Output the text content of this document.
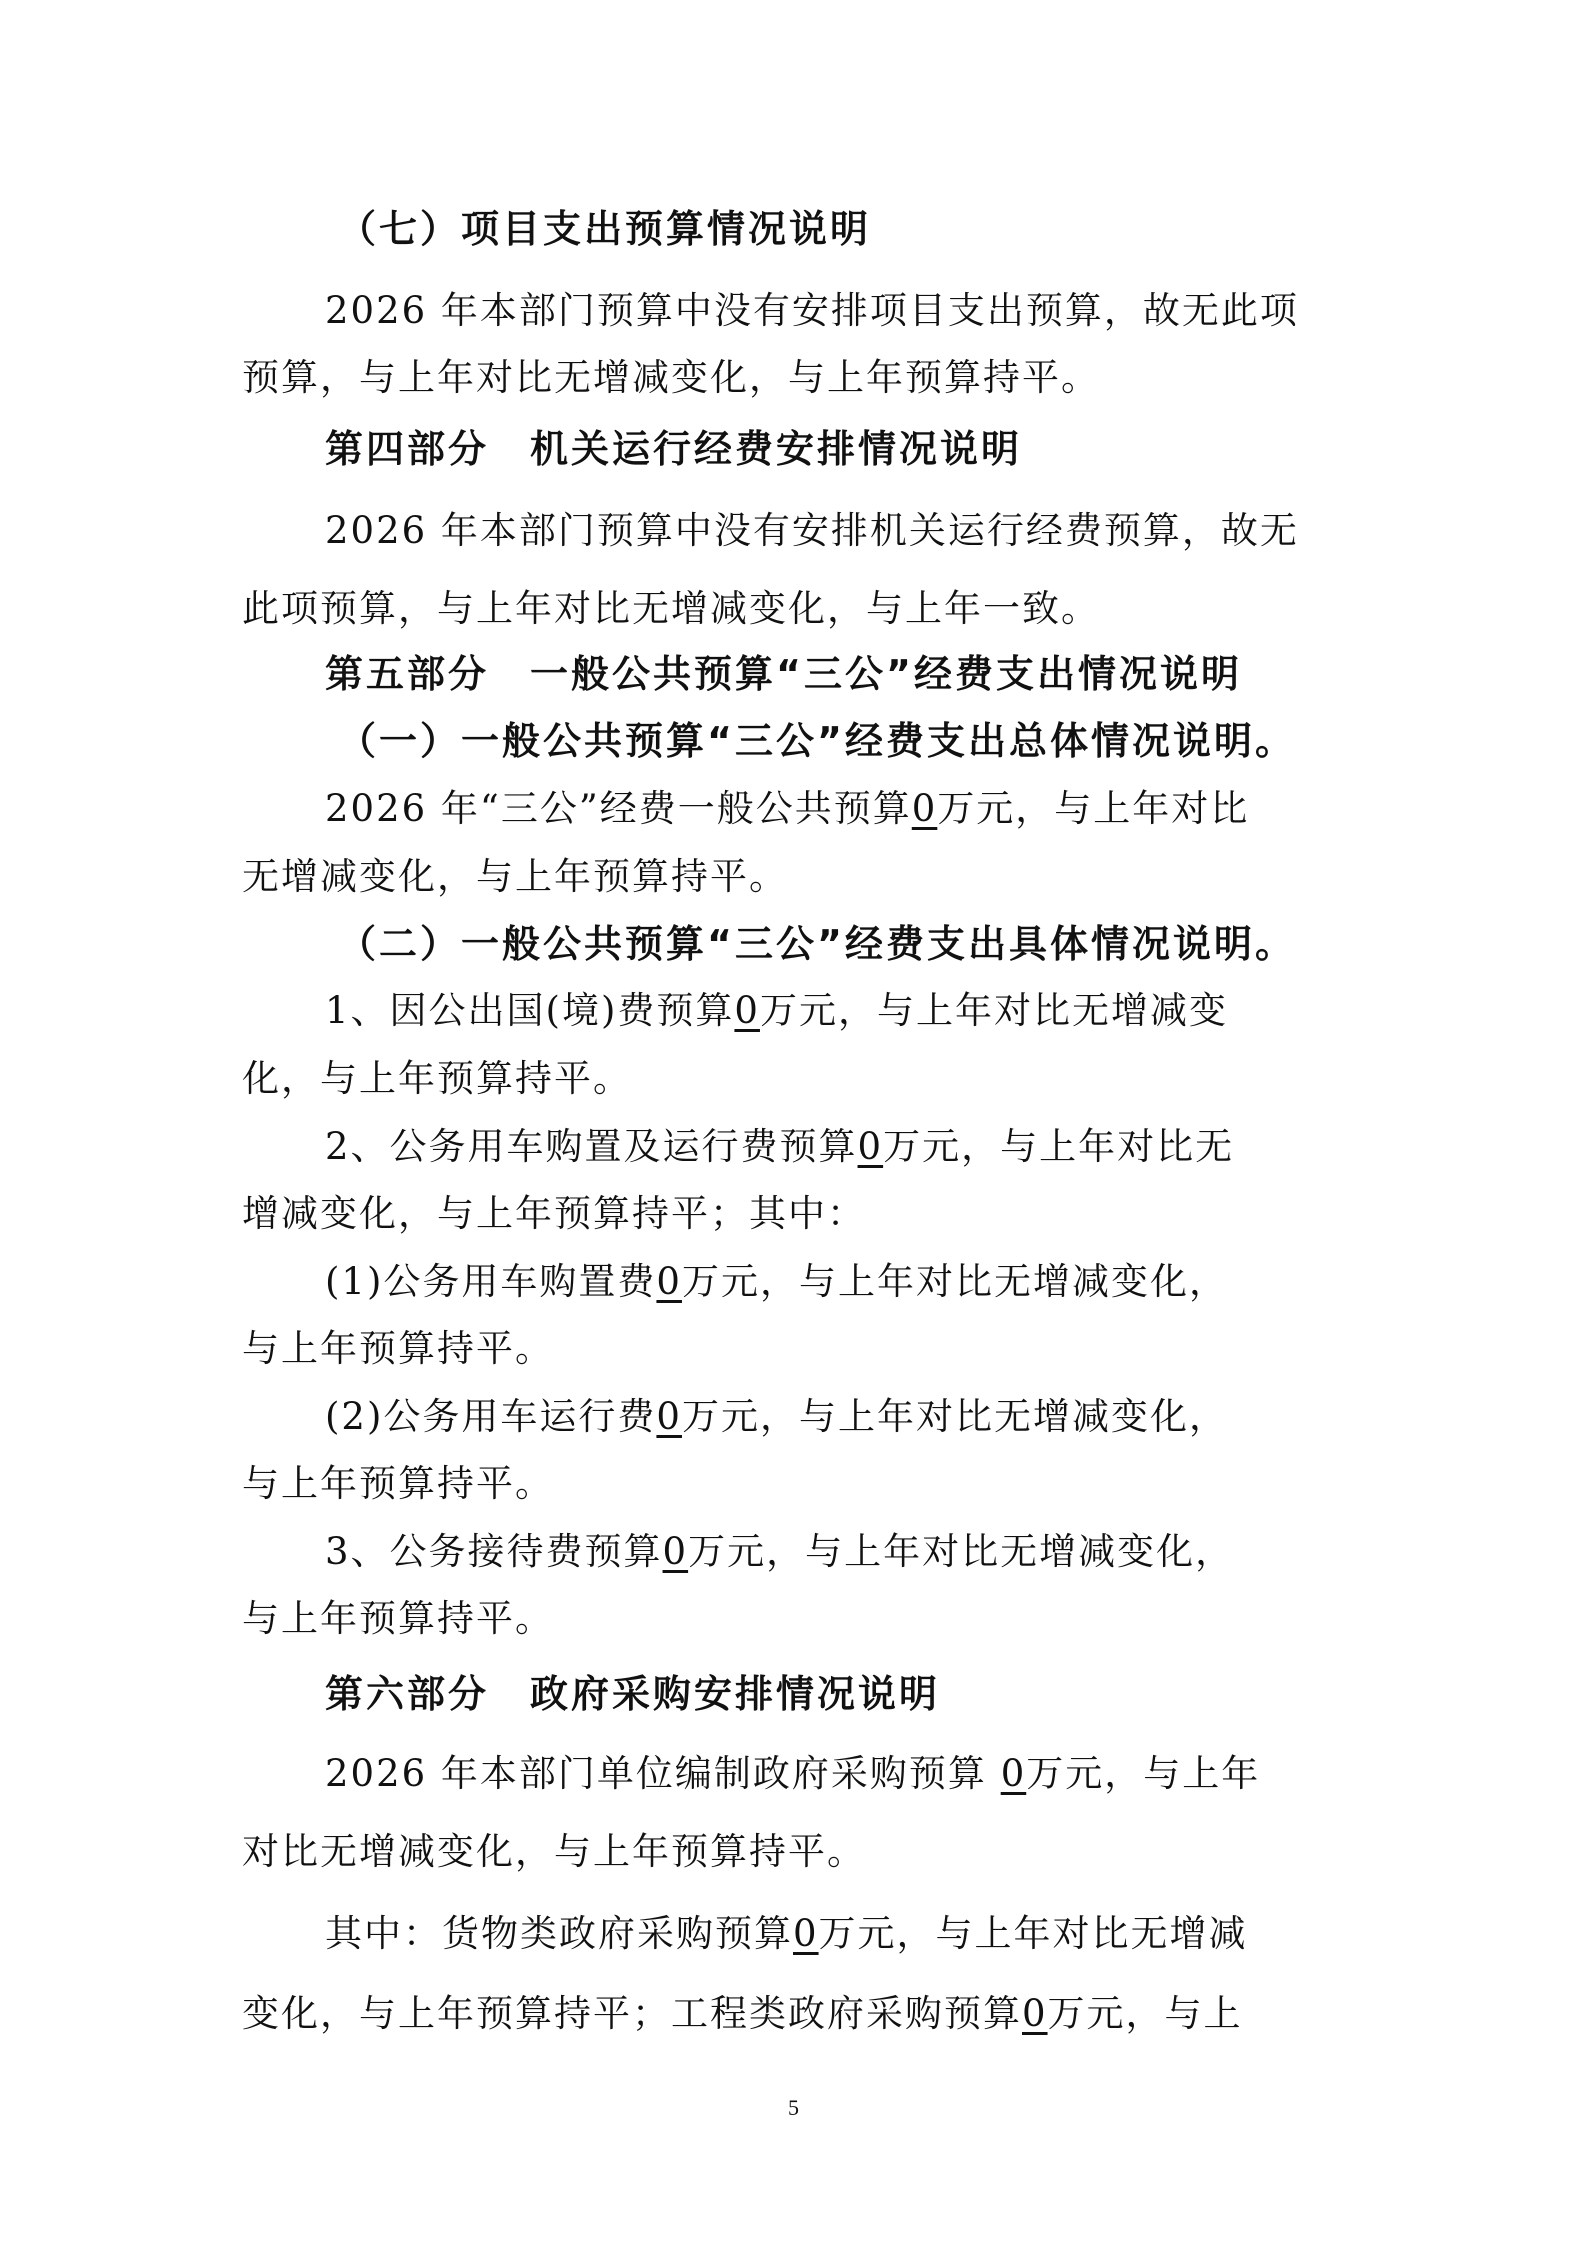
（七）项目支出预算情况说明
2026 年本部门预算中没有安排项目支出预算，故无此项
预算，与上年对比无增减变化，与上年预算持平。
第四部分　机关运行经费安排情况说明
2026 年本部门预算中没有安排机关运行经费预算，故无
此项预算，与上年对比无增减变化，与上年一致。
第五部分　一般公共预算“三公”经费支出情况说明
（一）一般公共预算“三公”经费支出总体情况说明。
2026 年“三公”经费一般公共预算0万元，与上年对比
无增减变化，与上年预算持平。
（二）一般公共预算“三公”经费支出具体情况说明。
1、因公出国(境)费预算0万元，与上年对比无增减变
化，与上年预算持平。
2、公务用车购置及运行费预算0万元，与上年对比无
增减变化，与上年预算持平；其中：
(1)公务用车购置费0万元，与上年对比无增减变化，
与上年预算持平。
(2)公务用车运行费0万元，与上年对比无增减变化，
与上年预算持平。
3、公务接待费预算0万元，与上年对比无增减变化，
与上年预算持平。
第六部分　政府采购安排情况说明
2026 年本部门单位编制政府采购预算 0万元，与上年
对比无增减变化，与上年预算持平。
其中：货物类政府采购预算0万元，与上年对比无增减
变化，与上年预算持平；工程类政府采购预算0万元，与上
5
